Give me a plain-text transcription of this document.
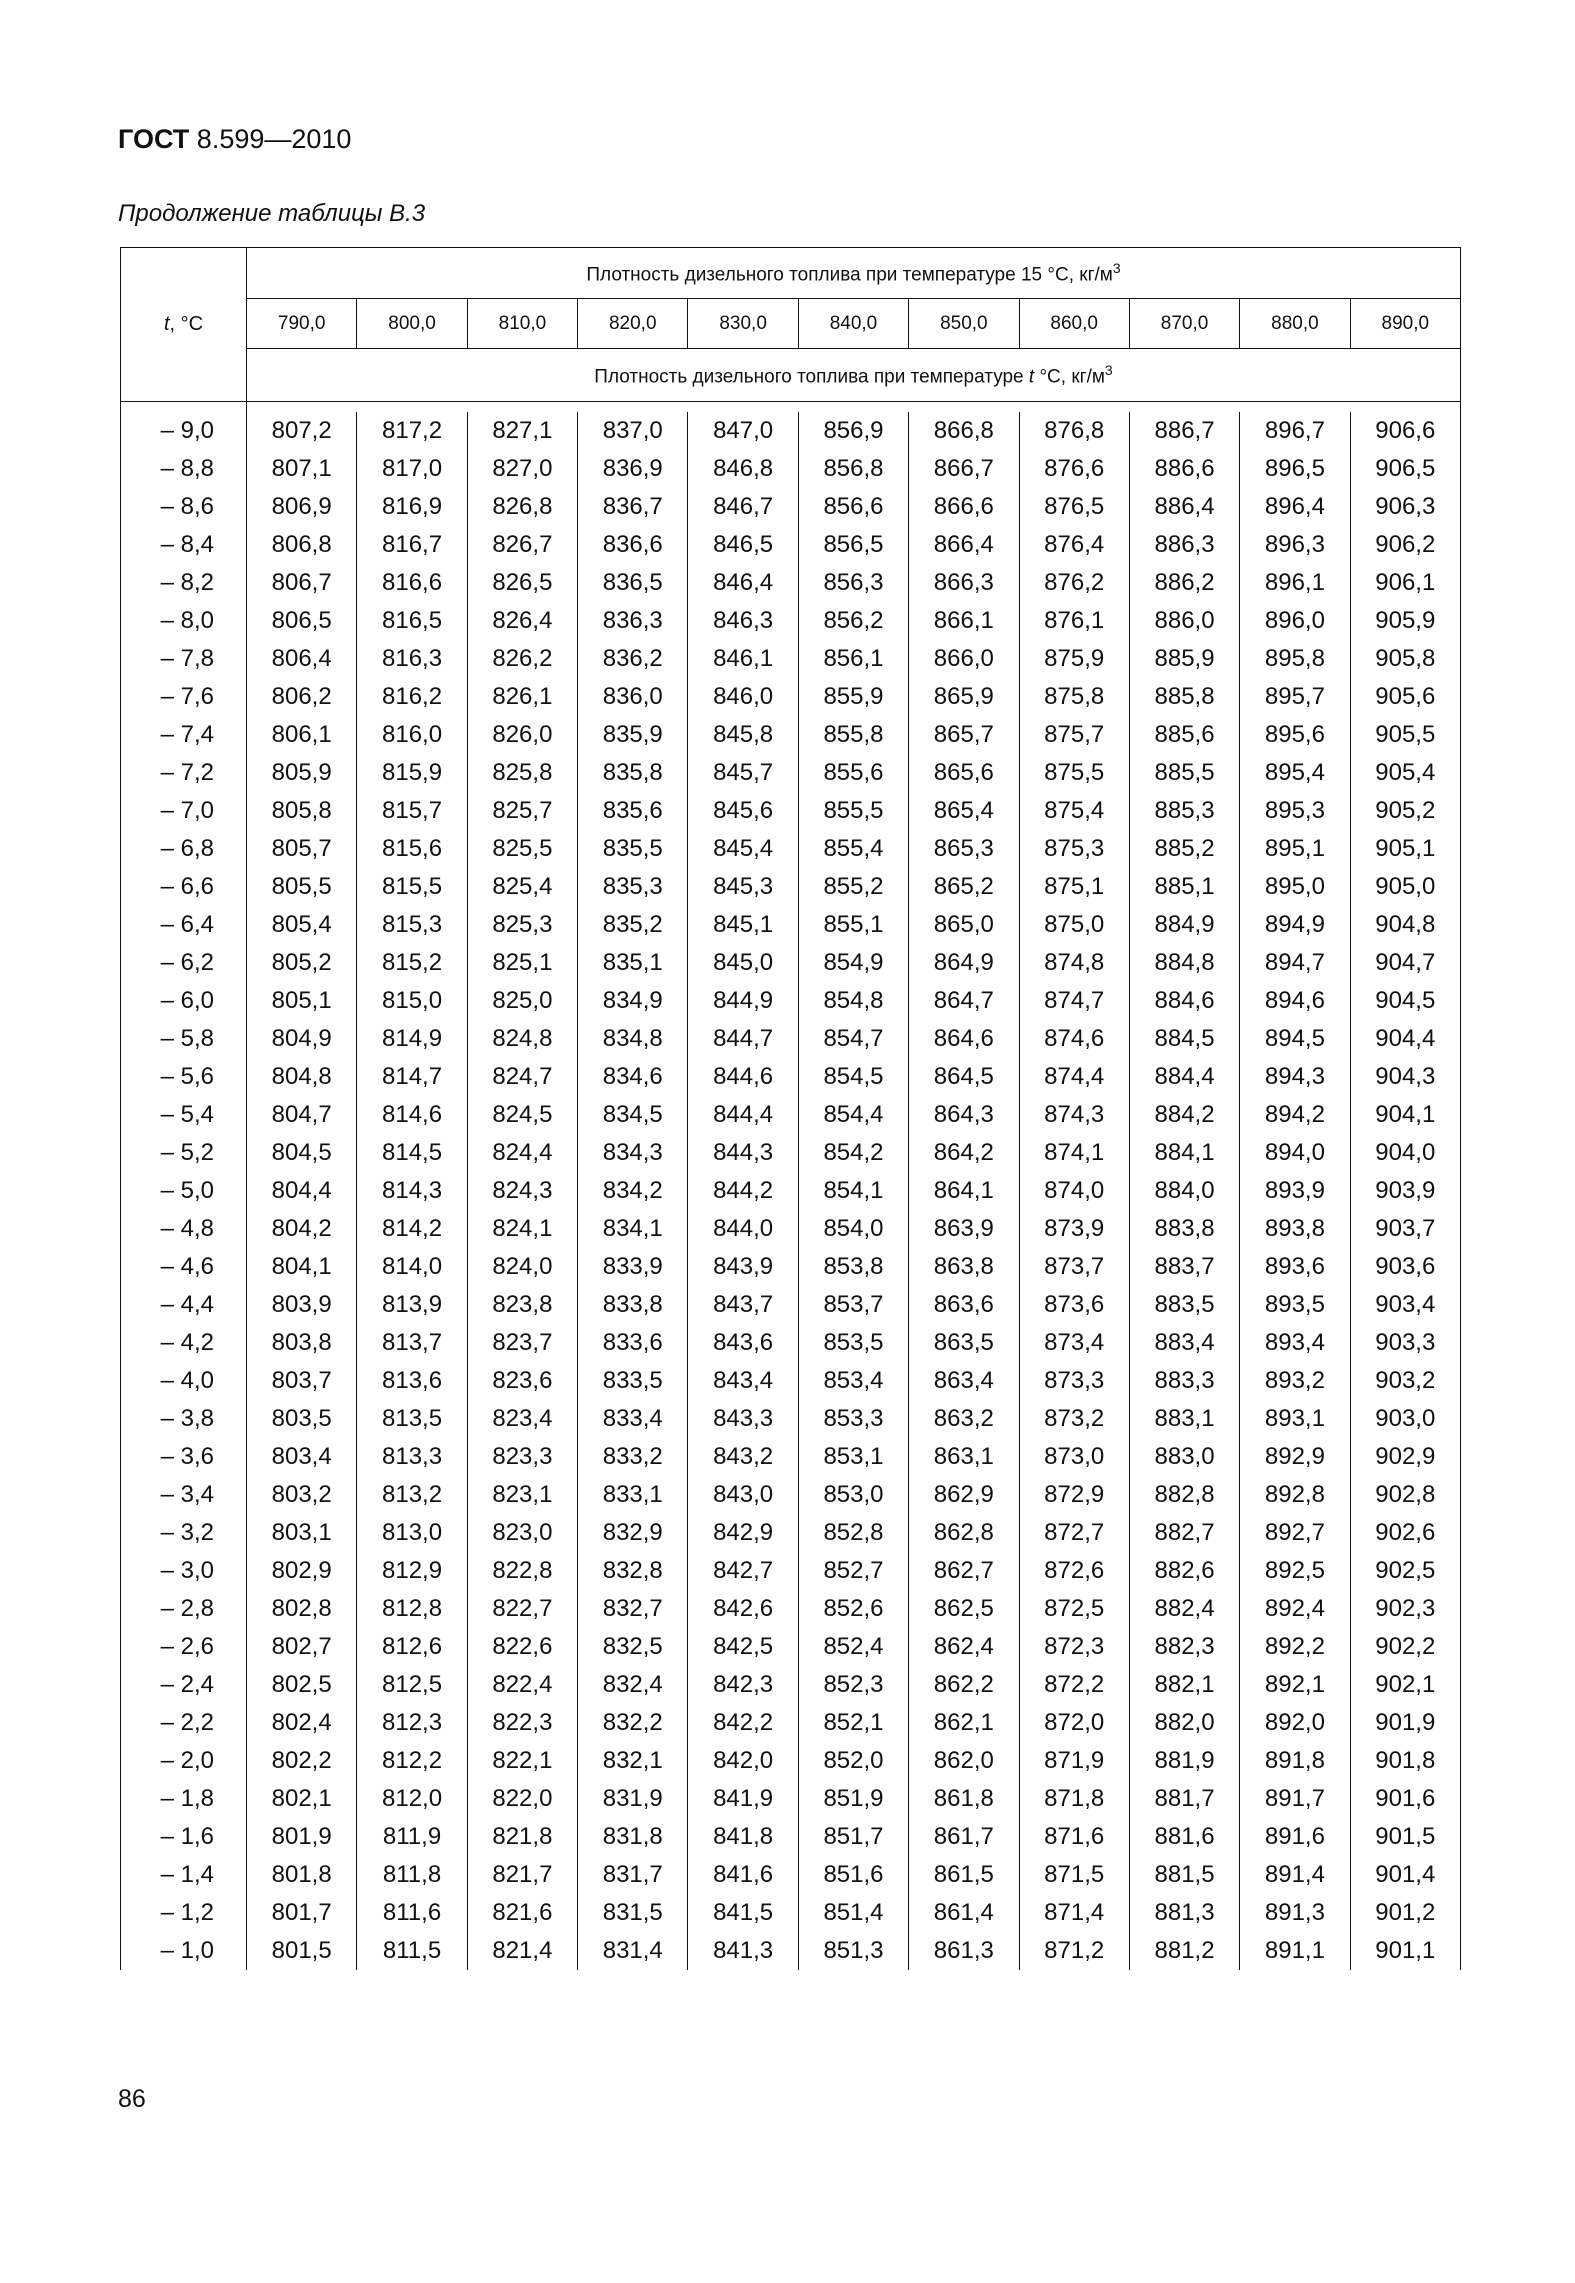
ГОСТ 8.599—2010
Продолжение таблицы В.3
t, °С	Плотность дизельного топлива при температуре 15 °С, $кг/м^3$
	790,0	800,0	810,0	820,0	830,0	840,0	850,0	860,0	870,0	880,0	890,0
	Плотность дизельного топлива при температуре t °С, $кг/м^3$

– 9,0	807,2	817,2	827,1	837,0	847,0	856,9	866,8	876,8	886,7	896,7	906,6
– 8,8	807,1	817,0	827,0	836,9	846,8	856,8	866,7	876,6	886,6	896,5	906,5
– 8,6	806,9	816,9	826,8	836,7	846,7	856,6	866,6	876,5	886,4	896,4	906,3
– 8,4	806,8	816,7	826,7	836,6	846,5	856,5	866,4	876,4	886,3	896,3	906,2
– 8,2	806,7	816,6	826,5	836,5	846,4	856,3	866,3	876,2	886,2	896,1	906,1
– 8,0	806,5	816,5	826,4	836,3	846,3	856,2	866,1	876,1	886,0	896,0	905,9
– 7,8	806,4	816,3	826,2	836,2	846,1	856,1	866,0	875,9	885,9	895,8	905,8
– 7,6	806,2	816,2	826,1	836,0	846,0	855,9	865,9	875,8	885,8	895,7	905,6
– 7,4	806,1	816,0	826,0	835,9	845,8	855,8	865,7	875,7	885,6	895,6	905,5
– 7,2	805,9	815,9	825,8	835,8	845,7	855,6	865,6	875,5	885,5	895,4	905,4
– 7,0	805,8	815,7	825,7	835,6	845,6	855,5	865,4	875,4	885,3	895,3	905,2
– 6,8	805,7	815,6	825,5	835,5	845,4	855,4	865,3	875,3	885,2	895,1	905,1
– 6,6	805,5	815,5	825,4	835,3	845,3	855,2	865,2	875,1	885,1	895,0	905,0
– 6,4	805,4	815,3	825,3	835,2	845,1	855,1	865,0	875,0	884,9	894,9	904,8
– 6,2	805,2	815,2	825,1	835,1	845,0	854,9	864,9	874,8	884,8	894,7	904,7
– 6,0	805,1	815,0	825,0	834,9	844,9	854,8	864,7	874,7	884,6	894,6	904,5
– 5,8	804,9	814,9	824,8	834,8	844,7	854,7	864,6	874,6	884,5	894,5	904,4
– 5,6	804,8	814,7	824,7	834,6	844,6	854,5	864,5	874,4	884,4	894,3	904,3
– 5,4	804,7	814,6	824,5	834,5	844,4	854,4	864,3	874,3	884,2	894,2	904,1
– 5,2	804,5	814,5	824,4	834,3	844,3	854,2	864,2	874,1	884,1	894,0	904,0
– 5,0	804,4	814,3	824,3	834,2	844,2	854,1	864,1	874,0	884,0	893,9	903,9
– 4,8	804,2	814,2	824,1	834,1	844,0	854,0	863,9	873,9	883,8	893,8	903,7
– 4,6	804,1	814,0	824,0	833,9	843,9	853,8	863,8	873,7	883,7	893,6	903,6
– 4,4	803,9	813,9	823,8	833,8	843,7	853,7	863,6	873,6	883,5	893,5	903,4
– 4,2	803,8	813,7	823,7	833,6	843,6	853,5	863,5	873,4	883,4	893,4	903,3
– 4,0	803,7	813,6	823,6	833,5	843,4	853,4	863,4	873,3	883,3	893,2	903,2
– 3,8	803,5	813,5	823,4	833,4	843,3	853,3	863,2	873,2	883,1	893,1	903,0
– 3,6	803,4	813,3	823,3	833,2	843,2	853,1	863,1	873,0	883,0	892,9	902,9
– 3,4	803,2	813,2	823,1	833,1	843,0	853,0	862,9	872,9	882,8	892,8	902,8
– 3,2	803,1	813,0	823,0	832,9	842,9	852,8	862,8	872,7	882,7	892,7	902,6
– 3,0	802,9	812,9	822,8	832,8	842,7	852,7	862,7	872,6	882,6	892,5	902,5
– 2,8	802,8	812,8	822,7	832,7	842,6	852,6	862,5	872,5	882,4	892,4	902,3
– 2,6	802,7	812,6	822,6	832,5	842,5	852,4	862,4	872,3	882,3	892,2	902,2
– 2,4	802,5	812,5	822,4	832,4	842,3	852,3	862,2	872,2	882,1	892,1	902,1
– 2,2	802,4	812,3	822,3	832,2	842,2	852,1	862,1	872,0	882,0	892,0	901,9
– 2,0	802,2	812,2	822,1	832,1	842,0	852,0	862,0	871,9	881,9	891,8	901,8
– 1,8	802,1	812,0	822,0	831,9	841,9	851,9	861,8	871,8	881,7	891,7	901,6
– 1,6	801,9	811,9	821,8	831,8	841,8	851,7	861,7	871,6	881,6	891,6	901,5
– 1,4	801,8	811,8	821,7	831,7	841,6	851,6	861,5	871,5	881,5	891,4	901,4
– 1,2	801,7	811,6	821,6	831,5	841,5	851,4	861,4	871,4	881,3	891,3	901,2
– 1,0	801,5	811,5	821,4	831,4	841,3	851,3	861,3	871,2	881,2	891,1	901,1
86
